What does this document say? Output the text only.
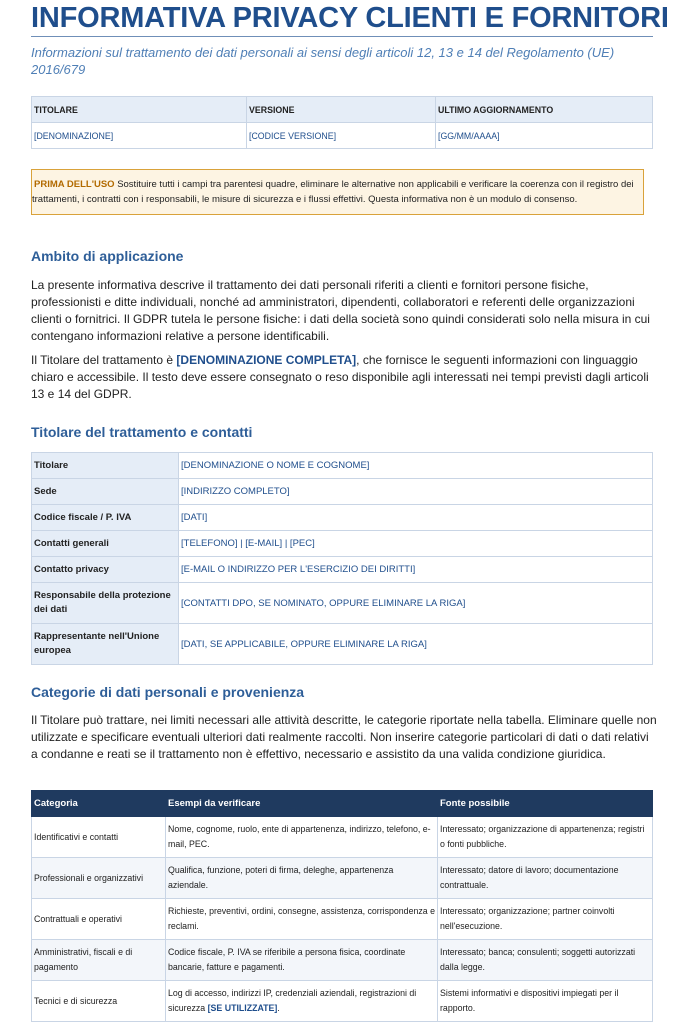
INFORMATIVA PRIVACY CLIENTI E FORNITORI

Informazioni sul trattamento dei dati personali ai sensi degli articoli 12, 13 e 14 del Regolamento (UE) 2016/679

TITOLARE	VERSIONE	ULTIMO AGGIORNAMENTO
[DENOMINAZIONE]	[CODICE VERSIONE]	[GG/MM/AAAA]
PRIMA DELL'USO Sostituire tutti i campi tra parentesi quadre, eliminare le alternative non applicabili e verificare la coerenza con il registro dei trattamenti, i contratti con i responsabili, le misure di sicurezza e i flussi effettivi. Questa informativa non è un modulo di consenso.
Ambito di applicazione

La presente informativa descrive il trattamento dei dati personali riferiti a clienti e fornitori persone fisiche, professionisti e ditte individuali, nonché ad amministratori, dipendenti, collaboratori e referenti delle organizzazioni clienti o fornitrici. Il GDPR tutela le persone fisiche: i dati della società sono quindi considerati solo nella misura in cui contengano informazioni relative a persone identificabili.

Il Titolare del trattamento è [DENOMINAZIONE COMPLETA], che fornisce le seguenti informazioni con linguaggio chiaro e accessibile. Il testo deve essere consegnato o reso disponibile agli interessati nei tempi previsti dagli articoli 13 e 14 del GDPR.

Titolare del trattamento e contatti
Titolare	[DENOMINAZIONE O NOME E COGNOME]
Sede	[INDIRIZZO COMPLETO]
Codice fiscale / P. IVA	[DATI]
Contatti generali	[TELEFONO] | [E-MAIL] | [PEC]
Contatto privacy	[E-MAIL O INDIRIZZO PER L'ESERCIZIO DEI DIRITTI]
Responsabile della protezione dei dati	[CONTATTI DPO, SE NOMINATO, OPPURE ELIMINARE LA RIGA]
Rappresentante nell'Unione europea	[DATI, SE APPLICABILE, OPPURE ELIMINARE LA RIGA]
Categorie di dati personali e provenienza

Il Titolare può trattare, nei limiti necessari alle attività descritte, le categorie riportate nella tabella. Eliminare quelle non utilizzate e specificare eventuali ulteriori dati realmente raccolti. Non inserire categorie particolari di dati o dati relativi a condanne e reati se il trattamento non è effettivo, necessario e assistito da una valida condizione giuridica.

Categoria	Esempi da verificare	Fonte possibile
Identificativi e contatti	Nome, cognome, ruolo, ente di appartenenza, indirizzo, telefono, e-mail, PEC.	Interessato; organizzazione di appartenenza; registri o fonti pubbliche.
Professionali e organizzativi	Qualifica, funzione, poteri di firma, deleghe, appartenenza aziendale.	Interessato; datore di lavoro; documentazione contrattuale.
Contrattuali e operativi	Richieste, preventivi, ordini, consegne, assistenza, corrispondenza e reclami.	Interessato; organizzazione; partner coinvolti nell'esecuzione.
Amministrativi, fiscali e di pagamento	Codice fiscale, P. IVA se riferibile a persona fisica, coordinate bancarie, fatture e pagamenti.	Interessato; banca; consulenti; soggetti autorizzati dalla legge.
Tecnici e di sicurezza	Log di accesso, indirizzi IP, credenziali aziendali, registrazioni di sicurezza [SE UTILIZZATE].	Sistemi informativi e dispositivi impiegati per il rapporto.
